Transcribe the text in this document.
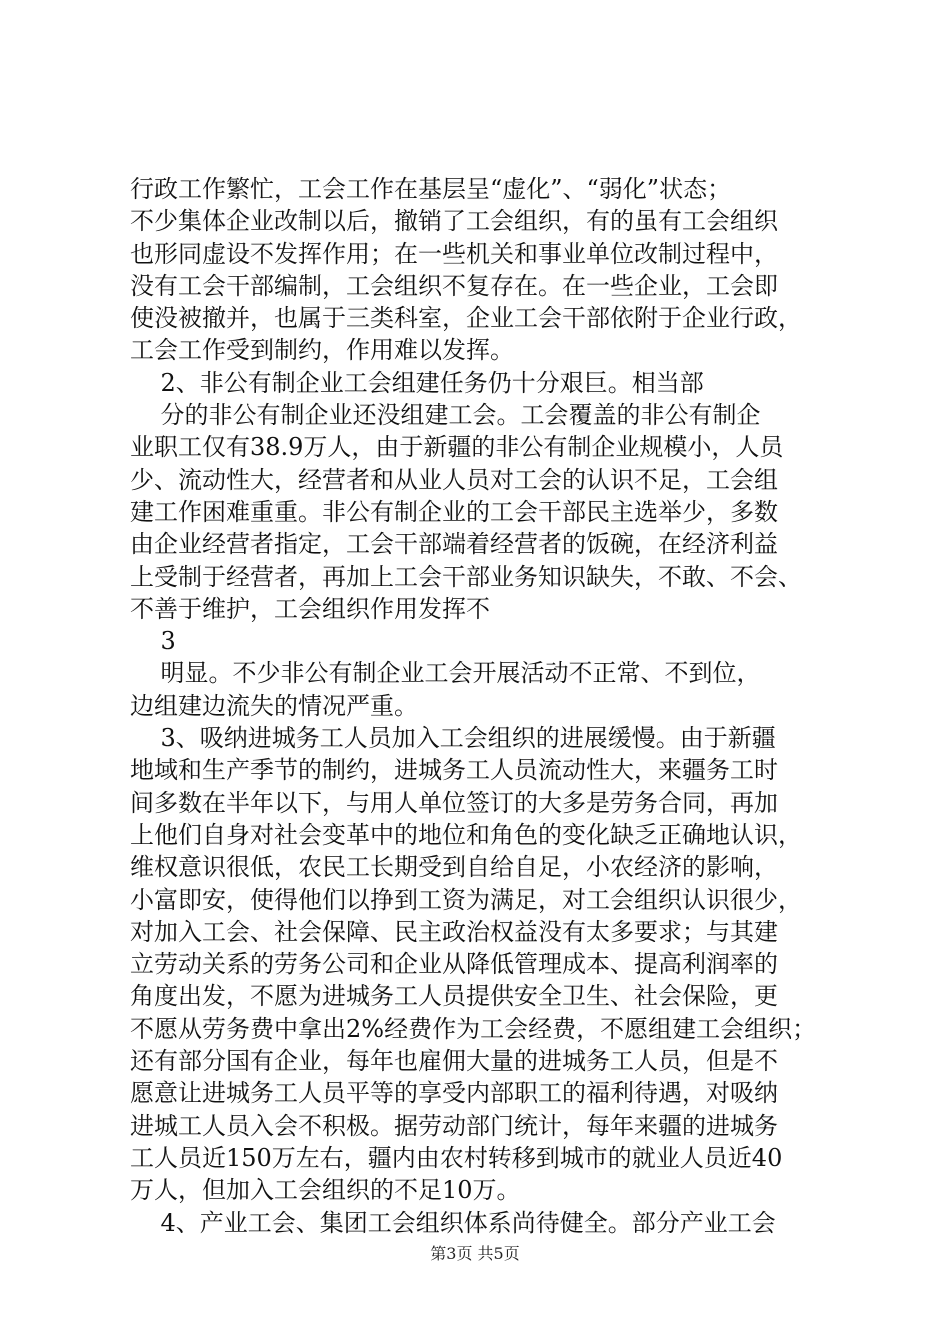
行政工作繁忙，工会工作在基层呈“虚化”、“弱化”状态；
不少集体企业改制以后，撤销了工会组织，有的虽有工会组织
也形同虚设不发挥作用；在一些机关和事业单位改制过程中，
没有工会干部编制，工会组织不复存在。在一些企业，工会即
使没被撤并，也属于三类科室，企业工会干部依附于企业行政，
工会工作受到制约，作用难以发挥。
2、非公有制企业工会组建任务仍十分艰巨。相当部
分的非公有制企业还没组建工会。工会覆盖的非公有制企
业职工仅有38.9万人，由于新疆的非公有制企业规模小，人员
少、流动性大，经营者和从业人员对工会的认识不足，工会组
建工作困难重重。非公有制企业的工会干部民主选举少，多数
由企业经营者指定，工会干部端着经营者的饭碗，在经济利益
上受制于经营者，再加上工会干部业务知识缺失，不敢、不会、
不善于维护，工会组织作用发挥不
3
明显。不少非公有制企业工会开展活动不正常、不到位，
边组建边流失的情况严重。
3、吸纳进城务工人员加入工会组织的进展缓慢。由于新疆
地域和生产季节的制约，进城务工人员流动性大，来疆务工时
间多数在半年以下，与用人单位签订的大多是劳务合同，再加
上他们自身对社会变革中的地位和角色的变化缺乏正确地认识，
维权意识很低，农民工长期受到自给自足，小农经济的影响，
小富即安，使得他们以挣到工资为满足，对工会组织认识很少，
对加入工会、社会保障、民主政治权益没有太多要求；与其建
立劳动关系的劳务公司和企业从降低管理成本、提高利润率的
角度出发，不愿为进城务工人员提供安全卫生、社会保险，更
不愿从劳务费中拿出2%经费作为工会经费，不愿组建工会组织；
还有部分国有企业，每年也雇佣大量的进城务工人员，但是不
愿意让进城务工人员平等的享受内部职工的福利待遇，对吸纳
进城工人员入会不积极。据劳动部门统计，每年来疆的进城务
工人员近150万左右，疆内由农村转移到城市的就业人员近40
万人，但加入工会组织的不足10万。
4、产业工会、集团工会组织体系尚待健全。部分产业工会
第3页 共5页
